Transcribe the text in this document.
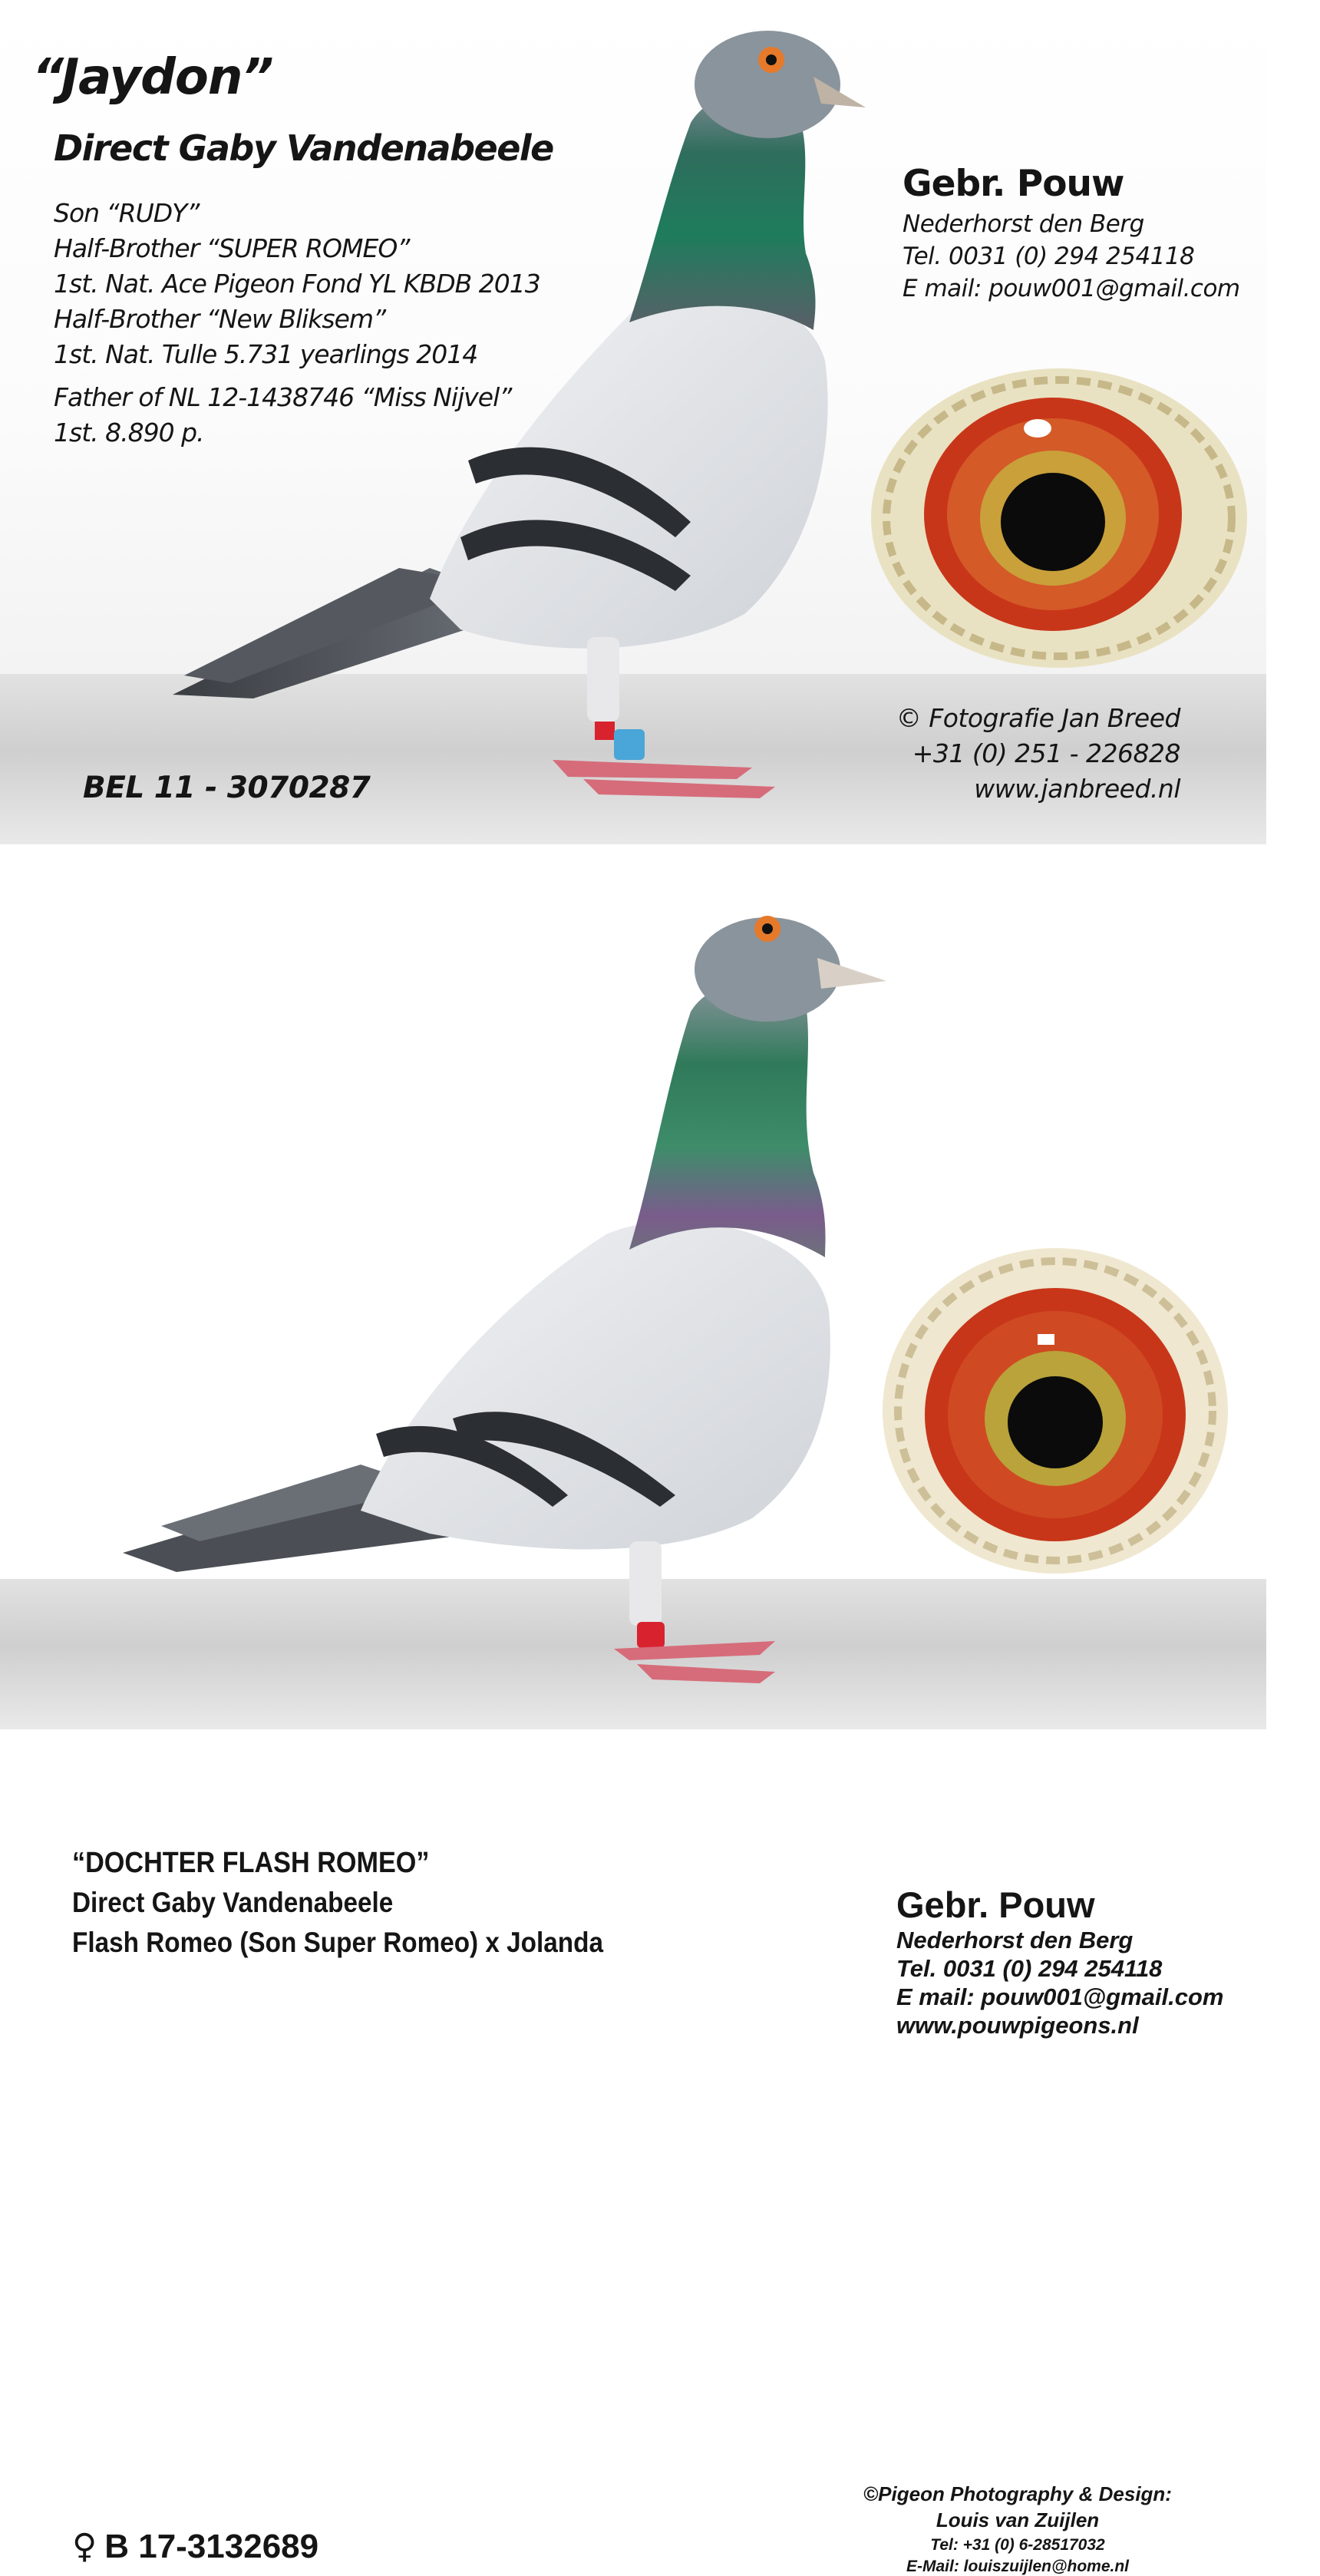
“Jaydon”
Direct Gaby Vandenabeele
Son “RUDY”
Half-Brother “SUPER ROMEO”
1st. Nat. Ace Pigeon Fond YL KBDB 2013
Half-Brother “New Bliksem”
1st. Nat. Tulle 5.731 yearlings 2014
Father of NL 12-1438746 “Miss Nijvel”
1st. 8.890 p.
Gebr. Pouw
Nederhorst den Berg
Tel. 0031 (0) 294 254118
E mail: pouw001@gmail.com
BEL 11 - 3070287
© Fotografie Jan Breed
+31 (0) 251 - 226828
www.janbreed.nl
“DOCHTER FLASH ROMEO”
Direct Gaby Vandenabeele
Flash Romeo (Son Super Romeo) x Jolanda
Gebr. Pouw
Nederhorst den Berg
Tel. 0031 (0) 294 254118
E mail: pouw001@gmail.com
www.pouwpigeons.nl
♀ B 17-3132689
©Pigeon Photography & Design:
Louis van Zuijlen
Tel: +31 (0) 6-28517032
E-Mail: louiszuijlen@home.nl
